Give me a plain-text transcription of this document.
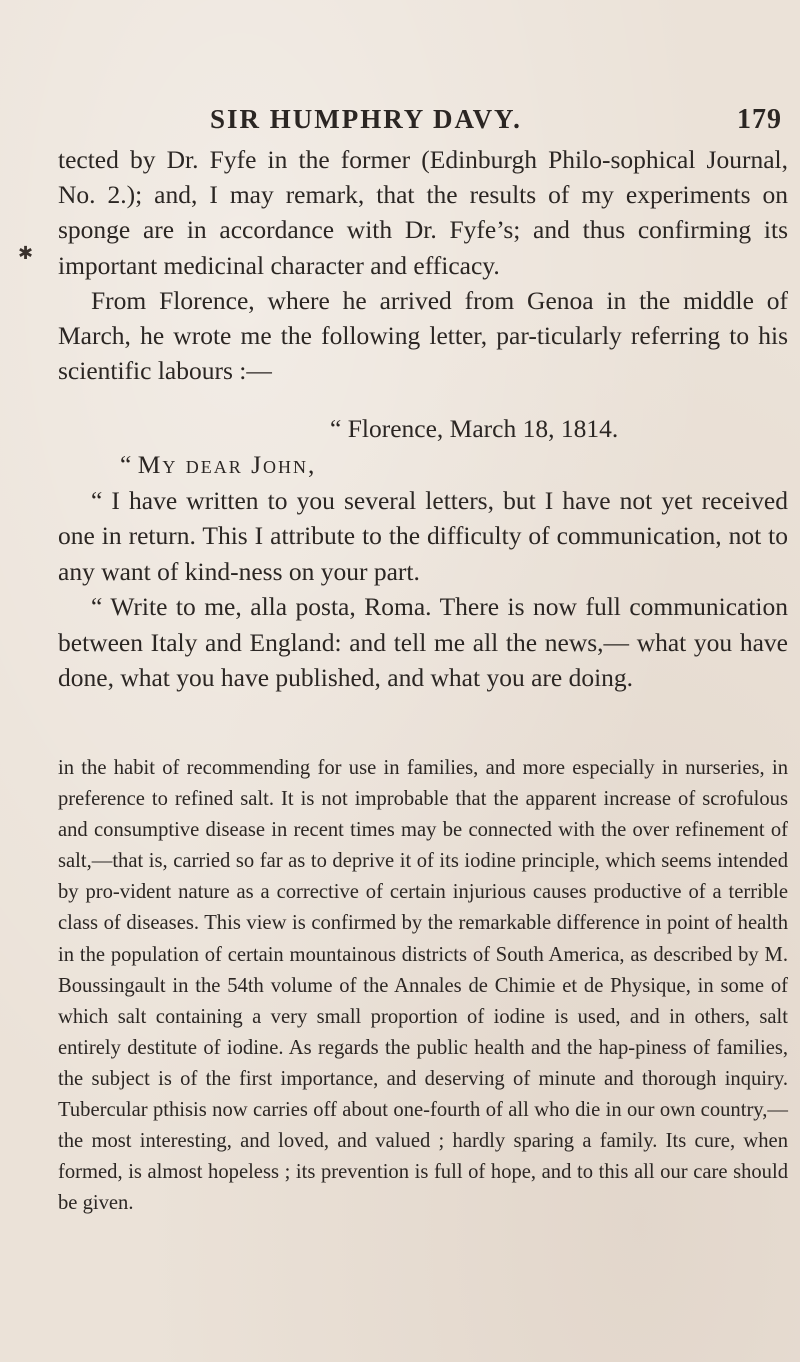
SIR HUMPHRY DAVY.	179
✱

tected by Dr. Fyfe in the former (Edinburgh Philo-sophical Journal, No. 2.); and, I may remark, that the results of my experiments on sponge are in accordance with Dr. Fyfe’s; and thus confirming its important medicinal character and efficacy.

From Florence, where he arrived from Genoa in the middle of March, he wrote me the following letter, par-ticularly referring to his scientific labours :—

“ Florence, March 18, 1814.

“ My dear John,

“ I have written to you several letters, but I have not yet received one in return. This I attribute to the difficulty of communication, not to any want of kind-ness on your part.

“ Write to me, alla posta, Roma. There is now full communication between Italy and England: and tell me all the news,— what you have done, what you have published, and what you are doing.

in the habit of recommending for use in families, and more especially in nurseries, in preference to refined salt. It is not improbable that the apparent increase of scrofulous and consumptive disease in recent times may be connected with the over refinement of salt,—that is, carried so far as to deprive it of its iodine principle, which seems intended by pro-vident nature as a corrective of certain injurious causes productive of a terrible class of diseases. This view is confirmed by the remarkable difference in point of health in the population of certain mountainous districts of South America, as described by M. Boussingault in the 54th volume of the Annales de Chimie et de Physique, in some of which salt containing a very small proportion of iodine is used, and in others, salt entirely destitute of iodine. As regards the public health and the hap-piness of families, the subject is of the first importance, and deserving of minute and thorough inquiry. Tubercular pthisis now carries off about one-fourth of all who die in our own country,— the most interesting, and loved, and valued ; hardly sparing a family. Its cure, when formed, is almost hopeless ; its prevention is full of hope, and to this all our care should be given.
